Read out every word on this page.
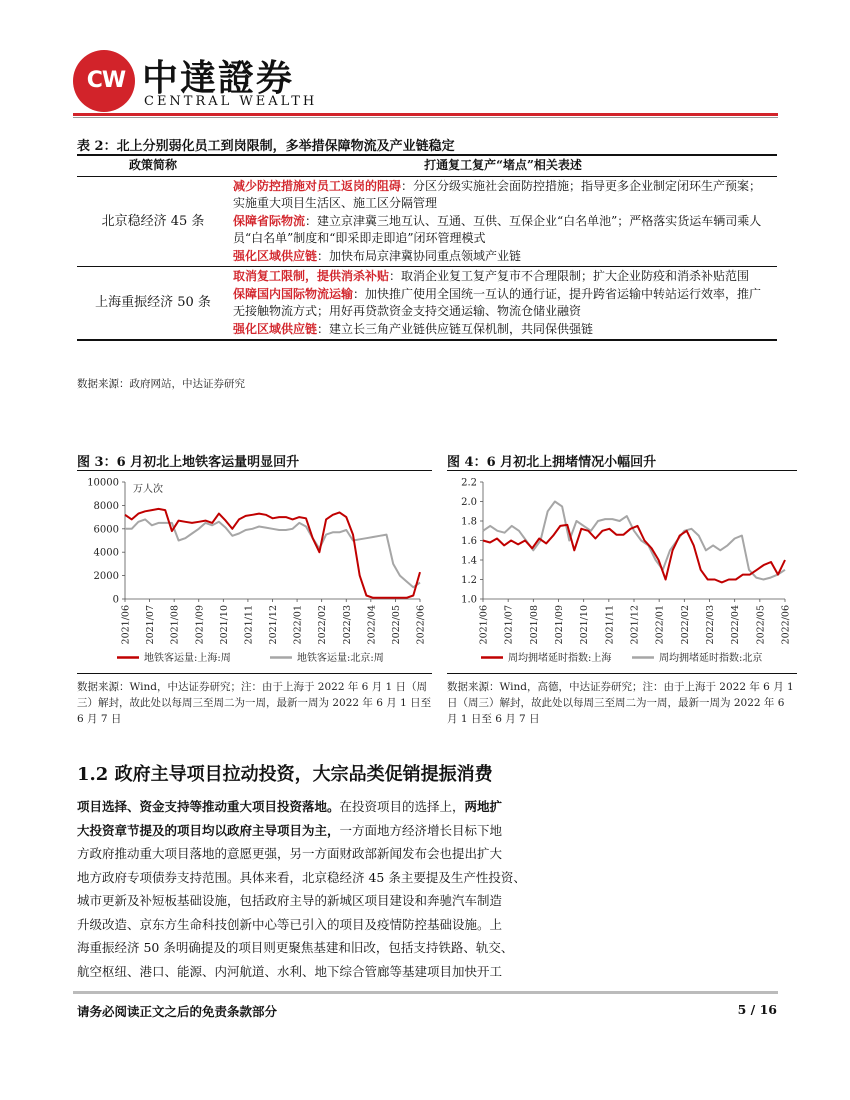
CW 中達證券
CENTRAL WEALTH
表 2：北上分别弱化员工到岗限制，多举措保障物流及产业链稳定
政策简称	打通复工复产“堵点”相关表述
北京稳经济 45 条	减少防控措施对员工返岗的阻碍：分区分级实施社会面防控措施；指导更多企业制定闭环生产预案；实施重大项目生活区、施工区分隔管理
保障省际物流：建立京津冀三地互认、互通、互供、互保企业“白名单池”；严格落实货运车辆司乘人员“白名单”制度和“即采即走即追”闭环管理模式
强化区域供应链：加快布局京津冀协同重点领域产业链

上海重振经济 50 条	取消复工限制，提供消杀补贴：取消企业复工复产复市不合理限制；扩大企业防疫和消杀补贴范围
保障国内国际物流运输：加快推广使用全国统一互认的通行证，提升跨省运输中转站运行效率，推广无接触物流方式；用好再贷款资金支持交通运输、物流仓储业融资
强化区域供应链：建立长三角产业链供应链互保机制，共同保供强链
数据来源：政府网站，中达证券研究
图 3：6 月初北上地铁客运量明显回升	图 4：6 月初北上拥堵情况小幅回升
10000
8000
6000
4000
2000
0
万人次
2021/06 2021/07 2021/08 2021/09 2021/10 2021/11 2021/12 2022/01 2022/02 2022/03 2022/04 2022/05 2022/06
地铁客运量:上海:周	地铁客运量:北京:周
2.2
2.0
1.8
1.6
1.4
1.2
1.0
2021/06 2021/07 2021/08 2021/09 2021/10 2021/11 2021/12 2022/01 2022/02 2022/03 2022/04 2022/05 2022/06
周均拥堵延时指数:上海	周均拥堵延时指数:北京
数据来源：Wind，中达证券研究；注：由于上海于 2022 年 6 月 1 日（周三）解封，故此处以每周三至周二为一周，最新一周为 2022 年 6 月 1 日至 6 月 7 日
数据来源：Wind，高德，中达证券研究；注：由于上海于 2022 年 6 月 1 日（周三）解封，故此处以每周三至周二为一周，最新一周为 2022 年 6 月 1 日至 6 月 7 日
1.2 政府主导项目拉动投资，大宗品类促销提振消费
项目选择、资金支持等推动重大项目投资落地。在投资项目的选择上，两地扩
大投资章节提及的项目均以政府主导项目为主，一方面地方经济增长目标下地
方政府推动重大项目落地的意愿更强，另一方面财政部新闻发布会也提出扩大
地方政府专项债券支持范围。具体来看，北京稳经济 45 条主要提及生产性投资、
城市更新及补短板基础设施，包括政府主导的新城区项目建设和奔驰汽车制造
升级改造、京东方生命科技创新中心等已引入的项目及疫情防控基础设施。上
海重振经济 50 条明确提及的项目则更聚焦基建和旧改，包括支持铁路、轨交、
航空枢纽、港口、能源、内河航道、水利、地下综合管廊等基建项目加快开工
请务必阅读正文之后的免责条款部分	5 / 16
